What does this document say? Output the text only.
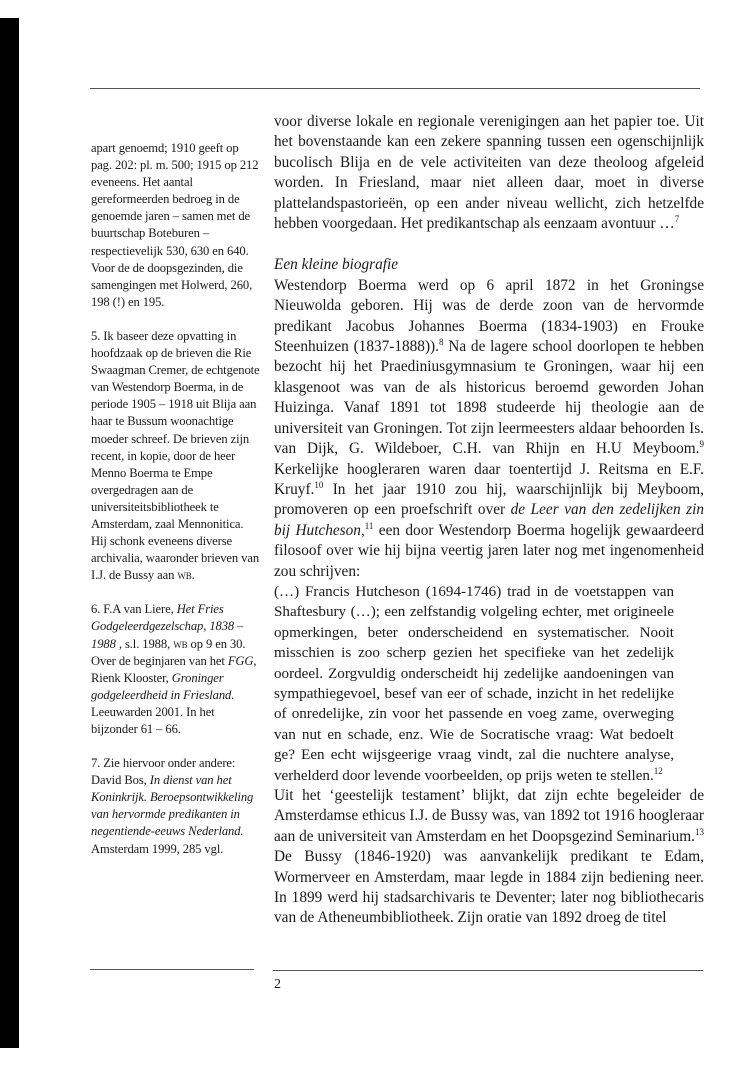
apart genoemd; 1910 geeft op pag. 202: pl. m. 500; 1915 op 212 eveneens. Het aantal gereformeerden bedroeg in de genoemde jaren – samen met de buurtschap Boteburen – respectievelijk 530, 630 en 640. Voor de de doopsgezinden, die samengingen met Holwerd, 260, 198 (!) en 195.

5. Ik baseer deze opvatting in hoofdzaak op de brieven die Rie Swaagman Cremer, de echtgenote van Westendorp Boerma, in de periode 1905 – 1918 uit Blija aan haar te Bussum woonachtige moeder schreef. De brieven zijn recent, in kopie, door de heer Menno Boerma te Empe overgedragen aan de universiteitsbibliotheek te Amsterdam, zaal Mennonitica. Hij schonk eveneens diverse archivalia, waaronder brieven van I.J. de Bussy aan wb.

6. F.A van Liere, Het Fries Godgeleerdgezelschap, 1838 – 1988 , s.l. 1988, wb op 9 en 30. Over de beginjaren van het FGG, Rienk Klooster, Groninger godgeleerdheid in Friesland. Leeuwarden 2001. In het bijzonder 61 – 66.

7. Zie hiervoor onder andere: David Bos, In dienst van het Koninkrijk. Beroepsontwikkeling van hervormde predikanten in negentiende-eeuws Nederland. Amsterdam 1999, 285 vgl.

voor diverse lokale en regionale verenigingen aan het papier toe. Uit het bovenstaande kan een zekere spanning tussen een ogenschijnlijk bucolisch Blija en de vele activiteiten van deze theoloog afgeleid worden. In Friesland, maar niet alleen daar, moet in diverse plattelandspastorieën, op een ander niveau wellicht, zich hetzelfde hebben voorgedaan. Het predikantschap als eenzaam avontuur …$^7$

Een kleine biografie

Westendorp Boerma werd op 6 april 1872 in het Groningse Nieuwolda geboren. Hij was de derde zoon van de hervormde predikant Jacobus Johannes Boerma (1834-1903) en Frouke Steenhuizen (1837-1888)).$^8$ Na de lagere school doorlopen te hebben bezocht hij het Praediniusgymnasium te Groningen, waar hij een klasgenoot was van de als historicus beroemd geworden Johan Huizinga. Vanaf 1891 tot 1898 studeerde hij theologie aan de universiteit van Groningen. Tot zijn leermeesters aldaar behoorden Is. van Dijk, G. Wildeboer, C.H. van Rhijn en H.U Meyboom.$^9$ Kerkelijke hoogleraren waren daar toentertijd J. Reitsma en E.F. Kruyf.$^{10}$ In het jaar 1910 zou hij, waarschijnlijk bij Meyboom, promoveren op een proefschrift over de Leer van den zedelijken zin bij Hutcheson,$^{11}$ een door Westendorp Boerma hogelijk gewaardeerd filosoof over wie hij bijna veertig jaren later nog met ingenomenheid zou schrijven:

(…) Francis Hutcheson (1694-1746) trad in de voetstappen van Shaftesbury (…); een zelfstandig volgeling echter, met origineele opmerkingen, beter onderscheidend en systematischer. Nooit misschien is zoo scherp gezien het specifieke van het zedelijk oordeel. Zorgvuldig onderscheidt hij zedelijke aandoeningen van sympathiegevoel, besef van eer of schade, inzicht in het redelijke of onredelijke, zin voor het passende en voeg zame, overweging van nut en schade, enz. Wie de Socratische vraag: Wat bedoelt ge? Een echt wijsgeerige vraag vindt, zal die nuchtere analyse, verhelderd door levende voorbeelden, op prijs weten te stellen.$^{12}$

Uit het ‘geestelijk testament’ blijkt, dat zijn echte begeleider de Amsterdamse ethicus I.J. de Bussy was, van 1892 tot 1916 hoogleraar aan de universiteit van Amsterdam en het Doopsgezind Seminarium.$^{13}$ De Bussy (1846-1920) was aanvankelijk predikant te Edam, Wormerveer en Amsterdam, maar legde in 1884 zijn bediening neer. In 1899 werd hij stadsarchivaris te Deventer; later nog bibliothecaris van de Atheneumbibliotheek. Zijn oratie van 1892 droeg de titel

2
